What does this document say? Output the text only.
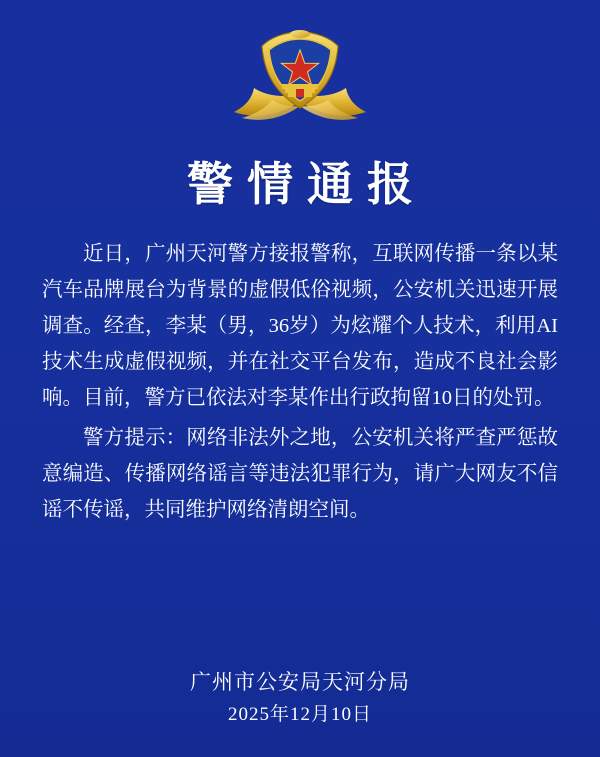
警情通报

近日，广州天河警方接报警称，互联网传播一条以某汽车品牌展台为背景的虚假低俗视频，公安机关迅速开展调查。经查，李某（男，36岁）为炫耀个人技术，利用AI技术生成虚假视频，并在社交平台发布，造成不良社会影响。目前，警方已依法对李某作出行政拘留10日的处罚。

警方提示：网络非法外之地，公安机关将严查严惩故意编造、传播网络谣言等违法犯罪行为，请广大网友不信谣不传谣，共同维护网络清朗空间。

广州市公安局天河分局
2025年12月10日
